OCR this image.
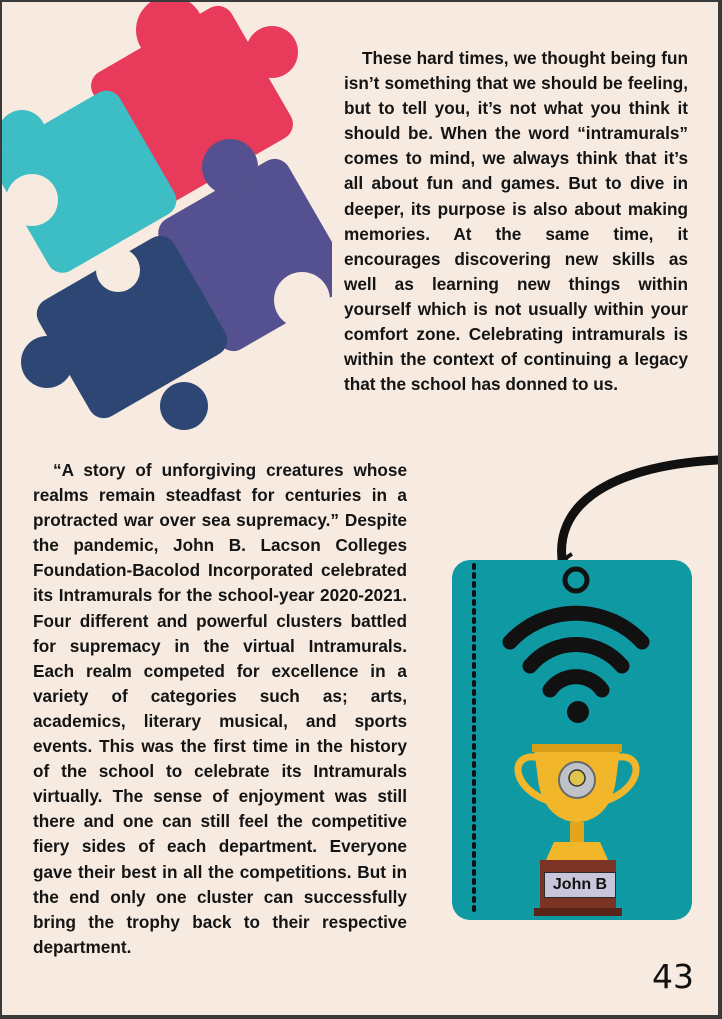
These hard times, we thought being fun isn’t something that we should be feeling, but to tell you, it’s not what you think it should be. When the word “intramurals” comes to mind, we always think that it’s all about fun and games. But to dive in deeper, its purpose is also about making memories. At the same time, it encourages discovering new skills as well as learning new things within yourself which is not usually within your comfort zone. Celebrating intramurals is within the context of continuing a legacy that the school has donned to us.

“A story of unforgiving creatures whose realms remain steadfast for centuries in a protracted war over sea supremacy.” Despite the pandemic, John B. Lacson Colleges Foundation-Bacolod Incorporated celebrated its Intramurals for the school-year 2020-2021. Four different and powerful clusters battled for supremacy in the virtual Intramurals. Each realm competed for excellence in a variety of categories such as; arts, academics, literary musical, and sports events. This was the first time in the history of the school to celebrate its Intramurals virtually. The sense of enjoyment was still there and one can still feel the competitive fiery sides of each department. Everyone gave their best in all the competitions. But in the end only one cluster can successfully bring the trophy back to their respective department.

John B
43
